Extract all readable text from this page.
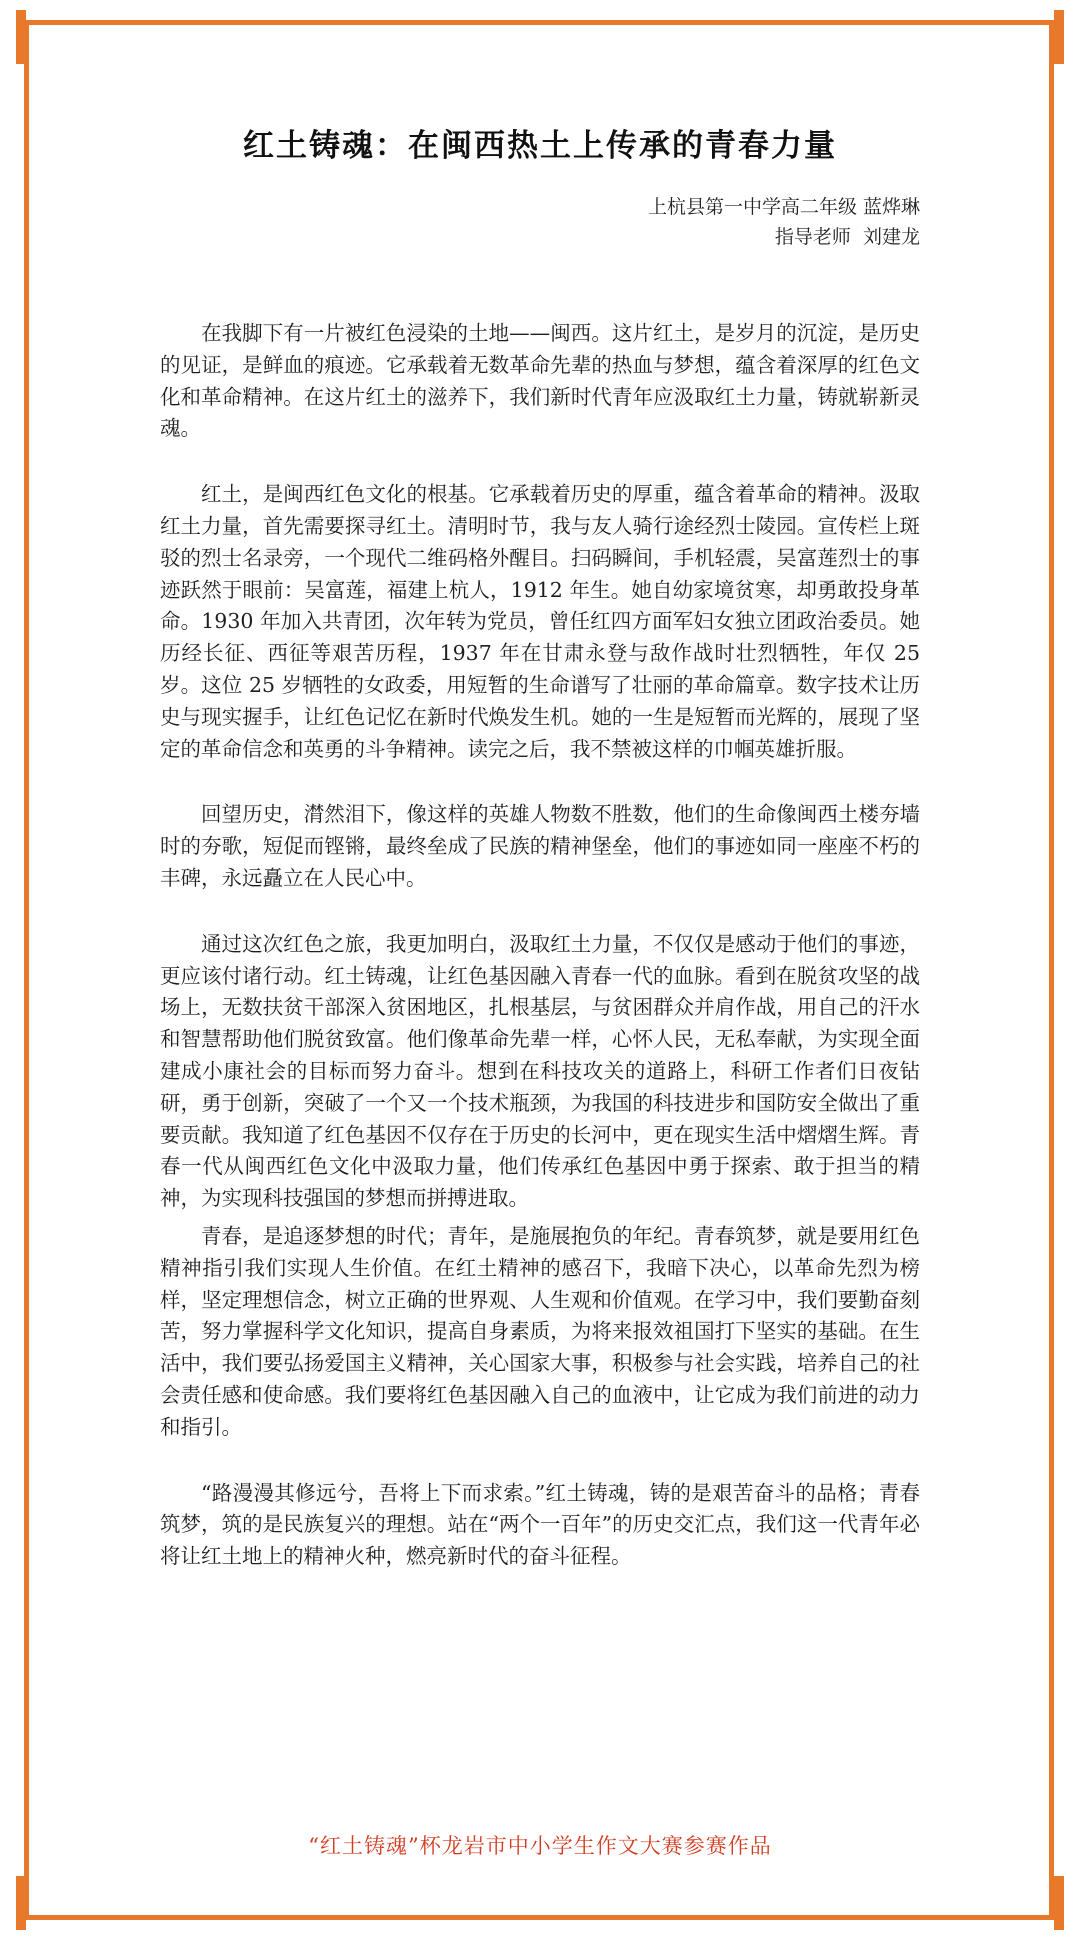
红土铸魂：在闽西热土上传承的青春力量
上杭县第一中学高二年级 蓝烨琳
指导老师  刘建龙

在我脚下有一片被红色浸染的土地——闽西。这片红土，是岁月的沉淀，是历史的见证，是鲜血的痕迹。它承载着无数革命先辈的热血与梦想，蕴含着深厚的红色文化和革命精神。在这片红土的滋养下，我们新时代青年应汲取红土力量，铸就崭新灵魂。

红土，是闽西红色文化的根基。它承载着历史的厚重，蕴含着革命的精神。汲取红土力量，首先需要探寻红土。清明时节，我与友人骑行途经烈士陵园。宣传栏上斑驳的烈士名录旁，一个现代二维码格外醒目。扫码瞬间，手机轻震，吴富莲烈士的事迹跃然于眼前：吴富莲，福建上杭人，1912 年生。她自幼家境贫寒，却勇敢投身革命。1930 年加入共青团，次年转为党员，曾任红四方面军妇女独立团政治委员。她历经长征、西征等艰苦历程，1937 年在甘肃永登与敌作战时壮烈牺牲，年仅 25 岁。这位 25 岁牺牲的女政委，用短暂的生命谱写了壮丽的革命篇章。数字技术让历史与现实握手，让红色记忆在新时代焕发生机。她的一生是短暂而光辉的，展现了坚定的革命信念和英勇的斗争精神。读完之后，我不禁被这样的巾帼英雄折服。

回望历史，潸然泪下，像这样的英雄人物数不胜数，他们的生命像闽西土楼夯墙时的夯歌，短促而铿锵，最终垒成了民族的精神堡垒，他们的事迹如同一座座不朽的丰碑，永远矗立在人民心中。

通过这次红色之旅，我更加明白，汲取红土力量，不仅仅是感动于他们的事迹，更应该付诸行动。红土铸魂，让红色基因融入青春一代的血脉。看到在脱贫攻坚的战场上，无数扶贫干部深入贫困地区，扎根基层，与贫困群众并肩作战，用自己的汗水和智慧帮助他们脱贫致富。他们像革命先辈一样，心怀人民，无私奉献，为实现全面建成小康社会的目标而努力奋斗。想到在科技攻关的道路上，科研工作者们日夜钻研，勇于创新，突破了一个又一个技术瓶颈，为我国的科技进步和国防安全做出了重要贡献。我知道了红色基因不仅存在于历史的长河中，更在现实生活中熠熠生辉。青春一代从闽西红色文化中汲取力量，他们传承红色基因中勇于探索、敢于担当的精神，为实现科技强国的梦想而拼搏进取。

青春，是追逐梦想的时代；青年，是施展抱负的年纪。青春筑梦，就是要用红色精神指引我们实现人生价值。在红土精神的感召下，我暗下决心，以革命先烈为榜样，坚定理想信念，树立正确的世界观、人生观和价值观。在学习中，我们要勤奋刻苦，努力掌握科学文化知识，提高自身素质，为将来报效祖国打下坚实的基础。在生活中，我们要弘扬爱国主义精神，关心国家大事，积极参与社会实践，培养自己的社会责任感和使命感。我们要将红色基因融入自己的血液中，让它成为我们前进的动力和指引。

“路漫漫其修远兮，吾将上下而求索。”红土铸魂，铸的是艰苦奋斗的品格；青春筑梦，筑的是民族复兴的理想。站在“两个一百年”的历史交汇点，我们这一代青年必将让红土地上的精神火种，燃亮新时代的奋斗征程。

“红土铸魂”杯龙岩市中小学生作文大赛参赛作品
